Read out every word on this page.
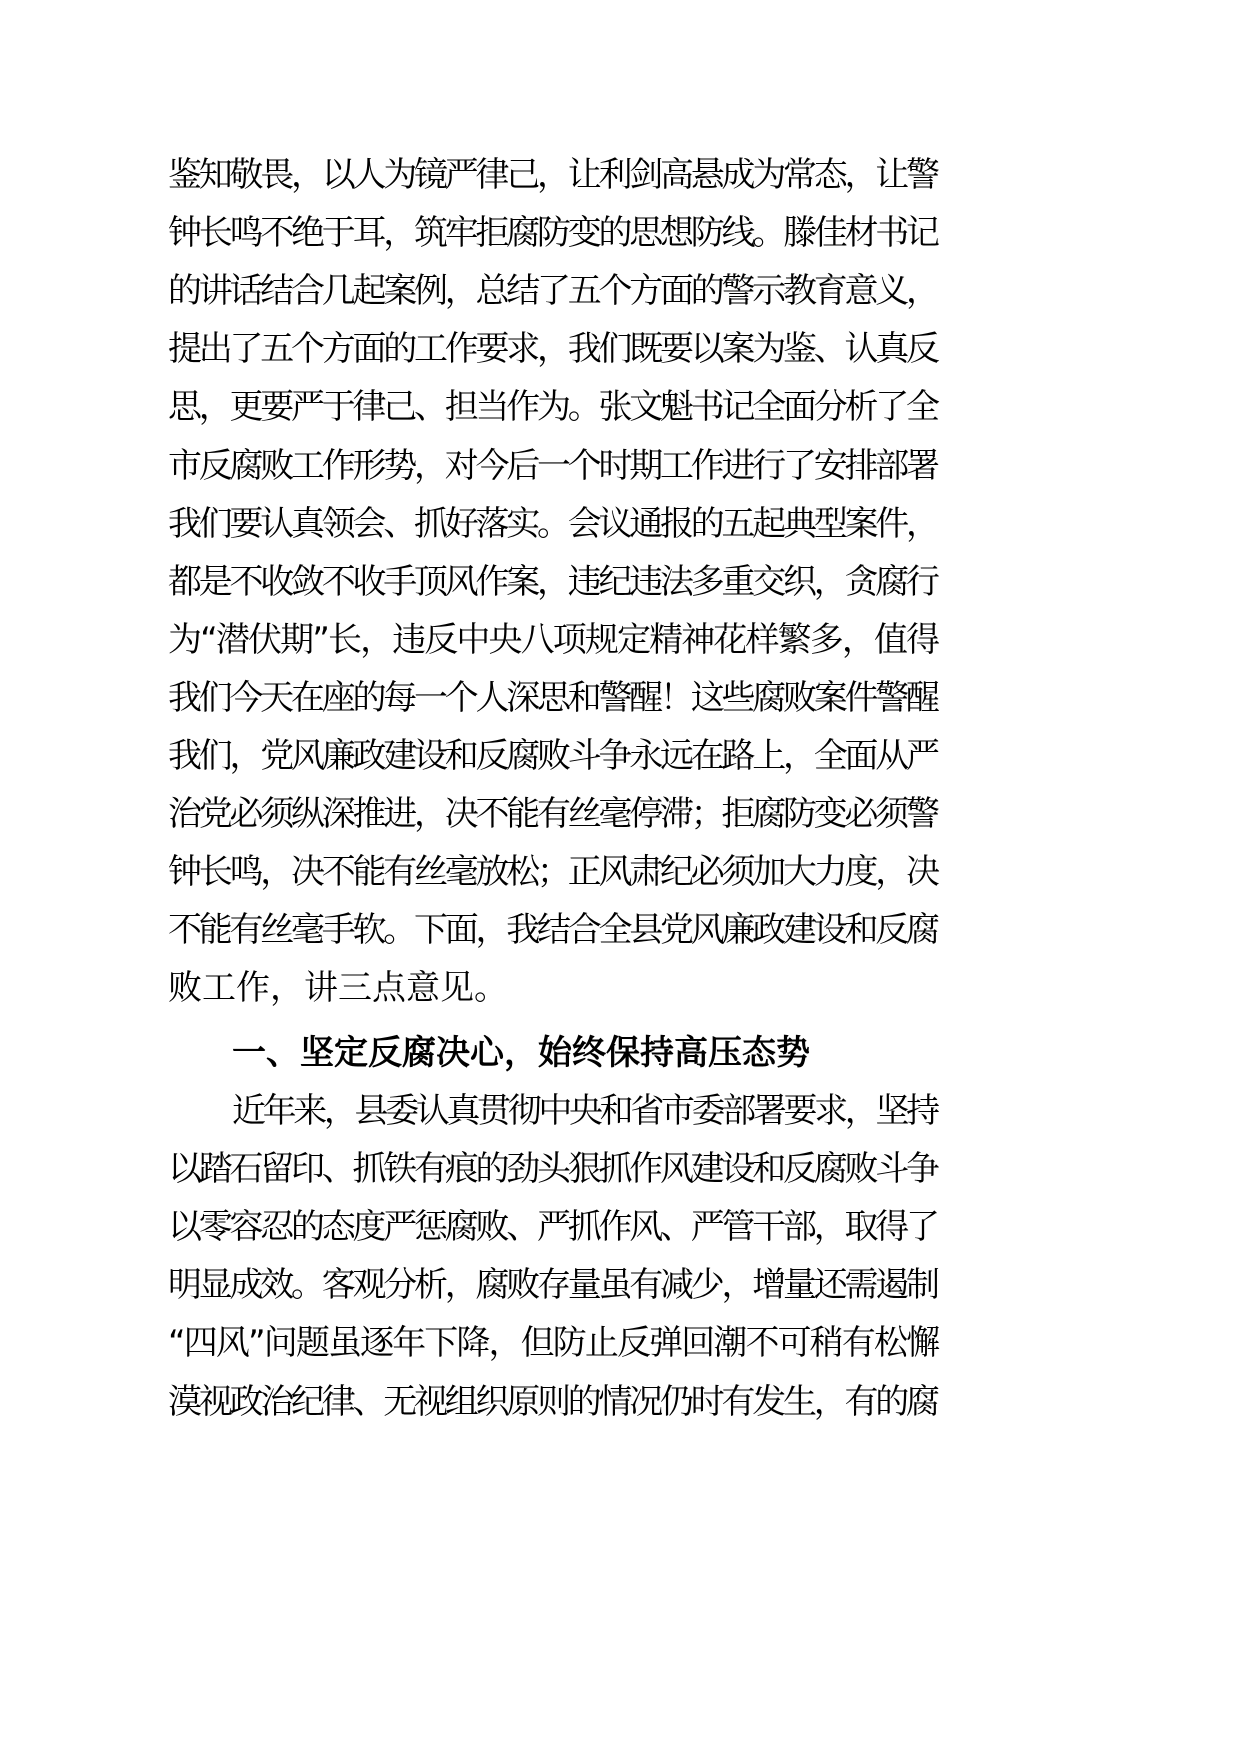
鉴知敬畏，以人为镜严律己，让利剑高悬成为常态，让警
钟长鸣不绝于耳，筑牢拒腐防变的思想防线。滕佳材书记
的讲话结合几起案例，总结了五个方面的警示教育意义，
提出了五个方面的工作要求，我们既要以案为鉴、认真反
思，更要严于律己、担当作为。张文魁书记全面分析了全
市反腐败工作形势，对今后一个时期工作进行了安排部署
我们要认真领会、抓好落实。会议通报的五起典型案件，
都是不收敛不收手顶风作案，违纪违法多重交织，贪腐行
为“潜伏期”长，违反中央八项规定精神花样繁多，值得
我们今天在座的每一个人深思和警醒！这些腐败案件警醒
我们，党风廉政建设和反腐败斗争永远在路上，全面从严
治党必须纵深推进，决不能有丝毫停滞；拒腐防变必须警
钟长鸣，决不能有丝毫放松；正风肃纪必须加大力度，决
不能有丝毫手软。下面，我结合全县党风廉政建设和反腐
败工作，讲三点意见。
一、坚定反腐决心，始终保持高压态势
近年来，县委认真贯彻中央和省市委部署要求，坚持
以踏石留印、抓铁有痕的劲头狠抓作风建设和反腐败斗争
以零容忍的态度严惩腐败、严抓作风、严管干部，取得了
明显成效。客观分析，腐败存量虽有减少，增量还需遏制
“四风”问题虽逐年下降，但防止反弹回潮不可稍有松懈
漠视政治纪律、无视组织原则的情况仍时有发生，有的腐
